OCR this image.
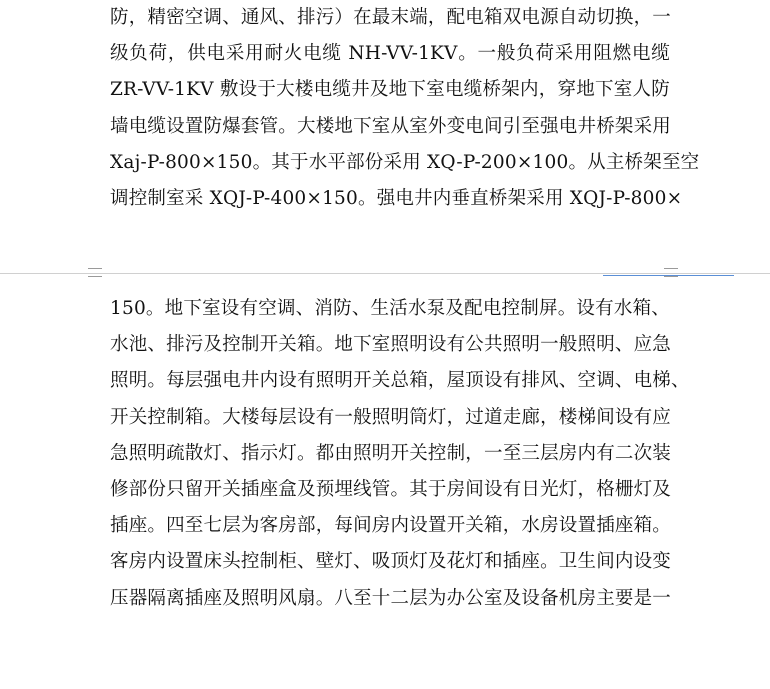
防，精密空调、通风、排污）在最末端，配电箱双电源自动切换，一
级负荷，供电采用耐火电缆 NH-VV-1KV。一般负荷采用阻燃电缆
ZR-VV-1KV 敷设于大楼电缆井及地下室电缆桥架内，穿地下室人防
墙电缆设置防爆套管。大楼地下室从室外变电间引至强电井桥架采用
Xaj-P-800×150。其于水平部份采用 XQ-P-200×100。从主桥架至空
调控制室采 XQJ-P-400×150。强电井内垂直桥架采用 XQJ-P-800×
150。地下室设有空调、消防、生活水泵及配电控制屏。设有水箱、
水池、排污及控制开关箱。地下室照明设有公共照明一般照明、应急
照明。每层强电井内设有照明开关总箱，屋顶设有排风、空调、电梯、
开关控制箱。大楼每层设有一般照明筒灯，过道走廊，楼梯间设有应
急照明疏散灯、指示灯。都由照明开关控制，一至三层房内有二次装
修部份只留开关插座盒及预埋线管。其于房间设有日光灯，格栅灯及
插座。四至七层为客房部，每间房内设置开关箱，水房设置插座箱。
客房内设置床头控制柜、壁灯、吸顶灯及花灯和插座。卫生间内设变
压器隔离插座及照明风扇。八至十二层为办公室及设备机房主要是一
